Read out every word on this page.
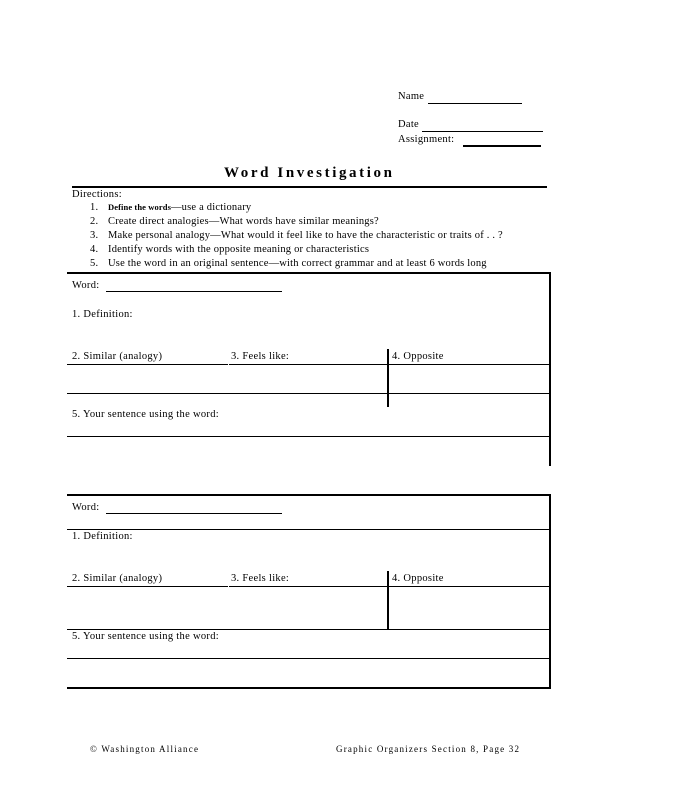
Name
Date
Assignment:
Word Investigation
Directions:
1. Define the words—use a dictionary
2. Create direct analogies—What words have similar meanings?
3. Make personal analogy—What would it feel like to have the characteristic or traits of . . ?
4. Identify words with the opposite meaning or characteristics
5. Use the word in an original sentence—with correct grammar and at least 6 words long
Word:
1. Definition:
2. Similar (analogy)	3. Feels like:	4. Opposite
5. Your sentence using the word:
Word:
1. Definition:
2. Similar (analogy)	3. Feels like:	4. Opposite
5. Your sentence using the word:
© Washington Alliance	Graphic Organizers Section 8, Page 32
